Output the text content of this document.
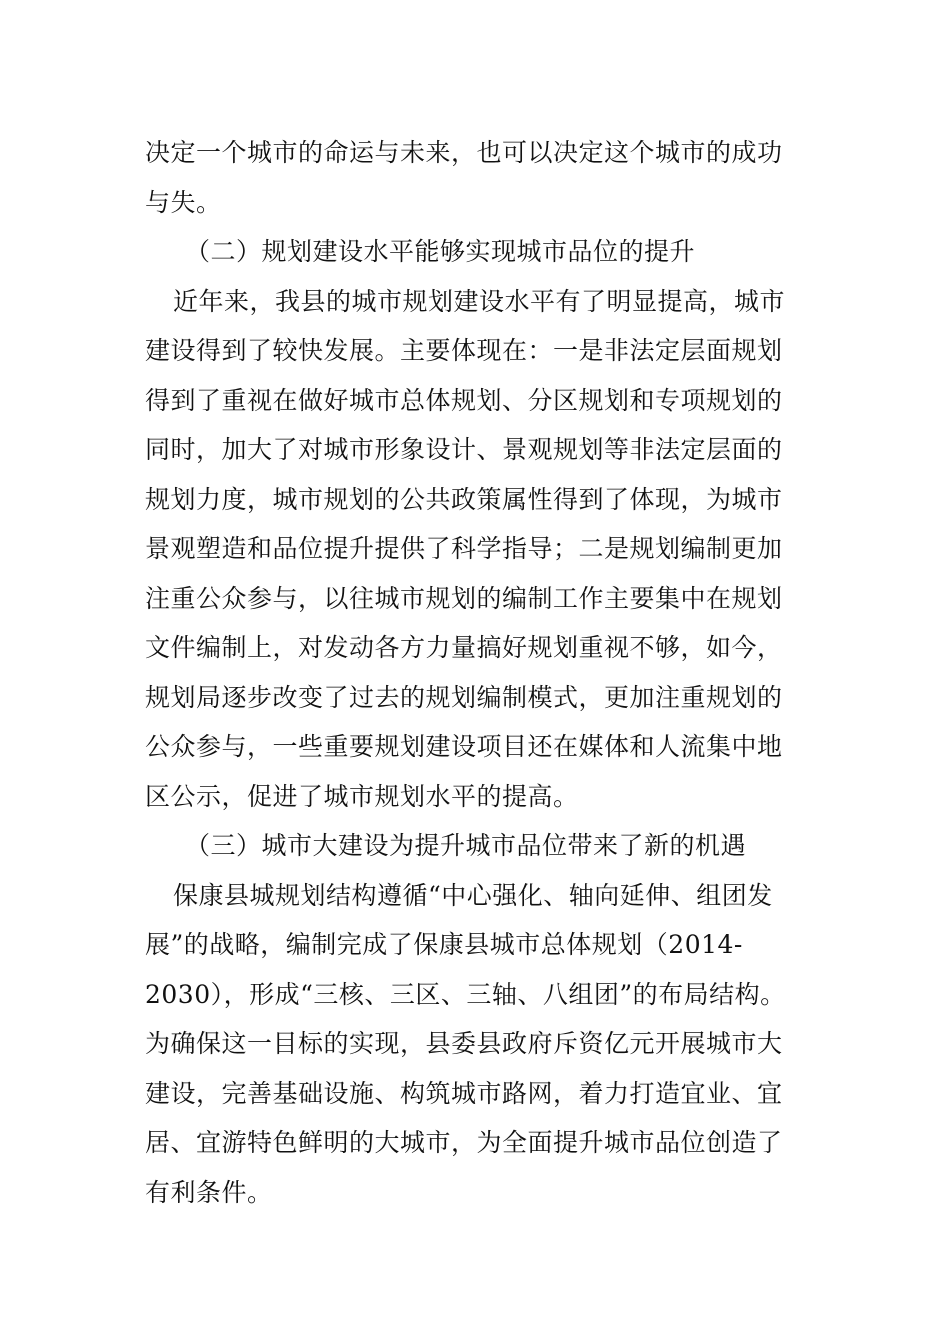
决定一个城市的命运与未来，也可以决定这个城市的成功
与失。
（二）规划建设水平能够实现城市品位的提升
近年来，我县的城市规划建设水平有了明显提高，城市
建设得到了较快发展。主要体现在：一是非法定层面规划
得到了重视在做好城市总体规划、分区规划和专项规划的
同时，加大了对城市形象设计、景观规划等非法定层面的
规划力度，城市规划的公共政策属性得到了体现，为城市
景观塑造和品位提升提供了科学指导；二是规划编制更加
注重公众参与，以往城市规划的编制工作主要集中在规划
文件编制上，对发动各方力量搞好规划重视不够，如今，
规划局逐步改变了过去的规划编制模式，更加注重规划的
公众参与，一些重要规划建设项目还在媒体和人流集中地
区公示，促进了城市规划水平的提高。
（三）城市大建设为提升城市品位带来了新的机遇
保康县城规划结构遵循“中心强化、轴向延伸、组团发
展”的战略，编制完成了保康县城市总体规划（2014-
2030），形成“三核、三区、三轴、八组团”的布局结构。
为确保这一目标的实现，县委县政府斥资亿元开展城市大
建设，完善基础设施、构筑城市路网，着力打造宜业、宜
居、宜游特色鲜明的大城市，为全面提升城市品位创造了
有利条件。
